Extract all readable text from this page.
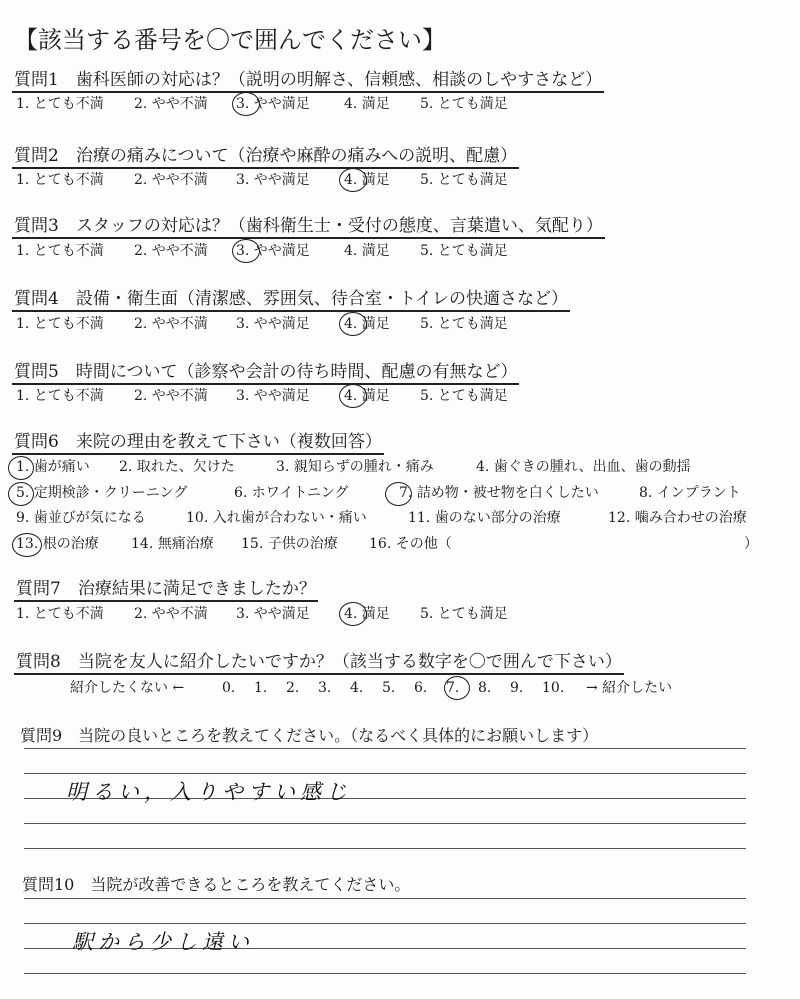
【該当する番号を〇で囲んでください】
質問1　歯科医師の対応は？（説明の明解さ、信頼感、相談のしやすさなど）
1. とても不満 2. やや不満 3. やや満足 4. 満足 5. とても満足
質問2　治療の痛みについて（治療や麻酔の痛みへの説明、配慮）
1. とても不満 2. やや不満 3. やや満足 4. 満足 5. とても満足
質問3　スタッフの対応は？（歯科衛生士・受付の態度、言葉遣い、気配り）
1. とても不満 2. やや不満 3. やや満足 4. 満足 5. とても満足
質問4　設備・衛生面（清潔感、雰囲気、待合室・トイレの快適さなど）
1. とても不満 2. やや不満 3. やや満足 4. 満足 5. とても満足
質問5　時間について（診察や会計の待ち時間、配慮の有無など）
1. とても不満 2. やや不満 3. やや満足 4. 満足 5. とても満足
質問6　来院の理由を教えて下さい（複数回答）
1. 歯が痛い 2. 取れた、欠けた	3. 親知らずの腫れ・痛み	4. 歯ぐきの腫れ、出血、歯の動揺
5. 定期検診・クリーニング	6. ホワイトニング	7. 詰め物・被せ物を白くしたい	8. インプラント
9. 歯並びが気になる	10. 入れ歯が合わない・痛い	11. 歯のない部分の治療	12. 噛み合わせの治療
13. 根の治療 14. 無痛治療 15. 子供の治療 16. その他（	）
質問7　治療結果に満足できましたか？
1. とても不満 2. やや不満 3. やや満足 4. 満足 5. とても満足
質問8　当院を友人に紹介したいですか？（該当する数字を〇で囲んで下さい）
紹介したくない ←	0. 1. 2. 3. 4. 5. 6. 7. 8. 9. 10. → 紹介したい
質問9　当院の良いところを教えてください。（なるべく具体的にお願いします）
明るい，入りやすい感じ
質問10　当院が改善できるところを教えてください。
駅から少し遠い
